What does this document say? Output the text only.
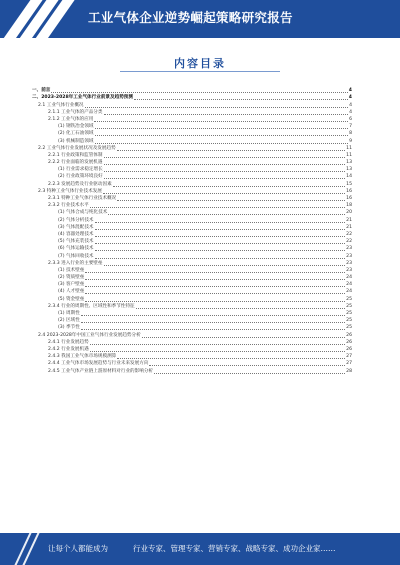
工业气体企业逆势崛起策略研究报告
内容目录
一、前言	4
二、2023-2028年工业气体行业前景及趋势预测	4
2.1 工业气体行业概况	4
2.1.1 工业气体的产品分类	4
2.1.2 工业气体的应用	6
(1) 钢铁冶金领域	7
(2) 化工石油领域	8
(3) 机械制造领域	9
2.2 工业气体行业发展状况及发展趋势	11
2.2.1 行业政策和监管体制	11
2.2.2 行业面临的发展机遇	13
(1) 行业需求稳定增长	13
(2) 行业政策环境良好	14
2.2.3 发展趋势及行业驱动因素	15
2.3 特种工业气体行业技术发展	16
2.3.1 特种工业气体行业技术概况	16
2.3.2 行业技术水平	18
(1) 气体合成与纯化技术	20
(2) 气体分析技术	21
(3) 气体混配技术	21
(4) 容器处理技术	22
(5) 气体充装技术	22
(6) 气体运输技术	23
(7) 气体回收技术	23
2.3.3 进入行业的主要壁垒	23
(1) 技术壁垒	23
(2) 资质壁垒	24
(3) 客户壁垒	24
(4) 人才壁垒	24
(5) 资金壁垒	25
2.3.4 行业的周期性、区域性和季节性特征	25
(1) 周期性	25
(2) 区域性	25
(3) 季节性	25
2.4 2023-2028年中国工业气体行业发展趋势分析	26
2.4.1 行业发展趋势	26
2.4.2 行业发展机遇	26
2.4.3 我国工业气体市场规模测算	27
2.4.4 工业气体市场发展趋势与行业未来发展方向	27
2.4.5 工业气体产业链上游原材料对行业的影响分析	28
让每个人都能成为	行业专家、管理专家、营销专家、战略专家、成功企业家……
